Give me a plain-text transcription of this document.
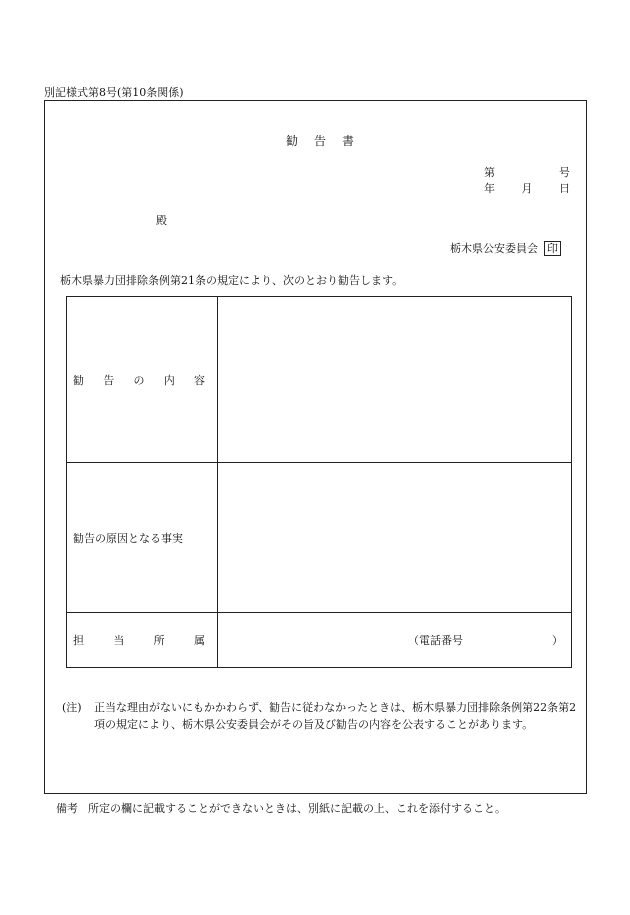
別記様式第8号(第10条関係)
勧　告　書
第	号
年 月 日
殿
栃木県公安委員会 印
栃木県暴力団排除条例第21条の規定により、次のとおり勧告します。
勧 告 の 内 容	

勧告の原因となる事実	

担 当 所 属	（電話番号 ）
(注) 正当な理由がないにもかかわらず、勧告に従わなかったときは、栃木県暴力団排除条例第22条第2項の規定により、栃木県公安委員会がその旨及び勧告の内容を公表することがあります。
備考 所定の欄に記載することができないときは、別紙に記載の上、これを添付すること。
